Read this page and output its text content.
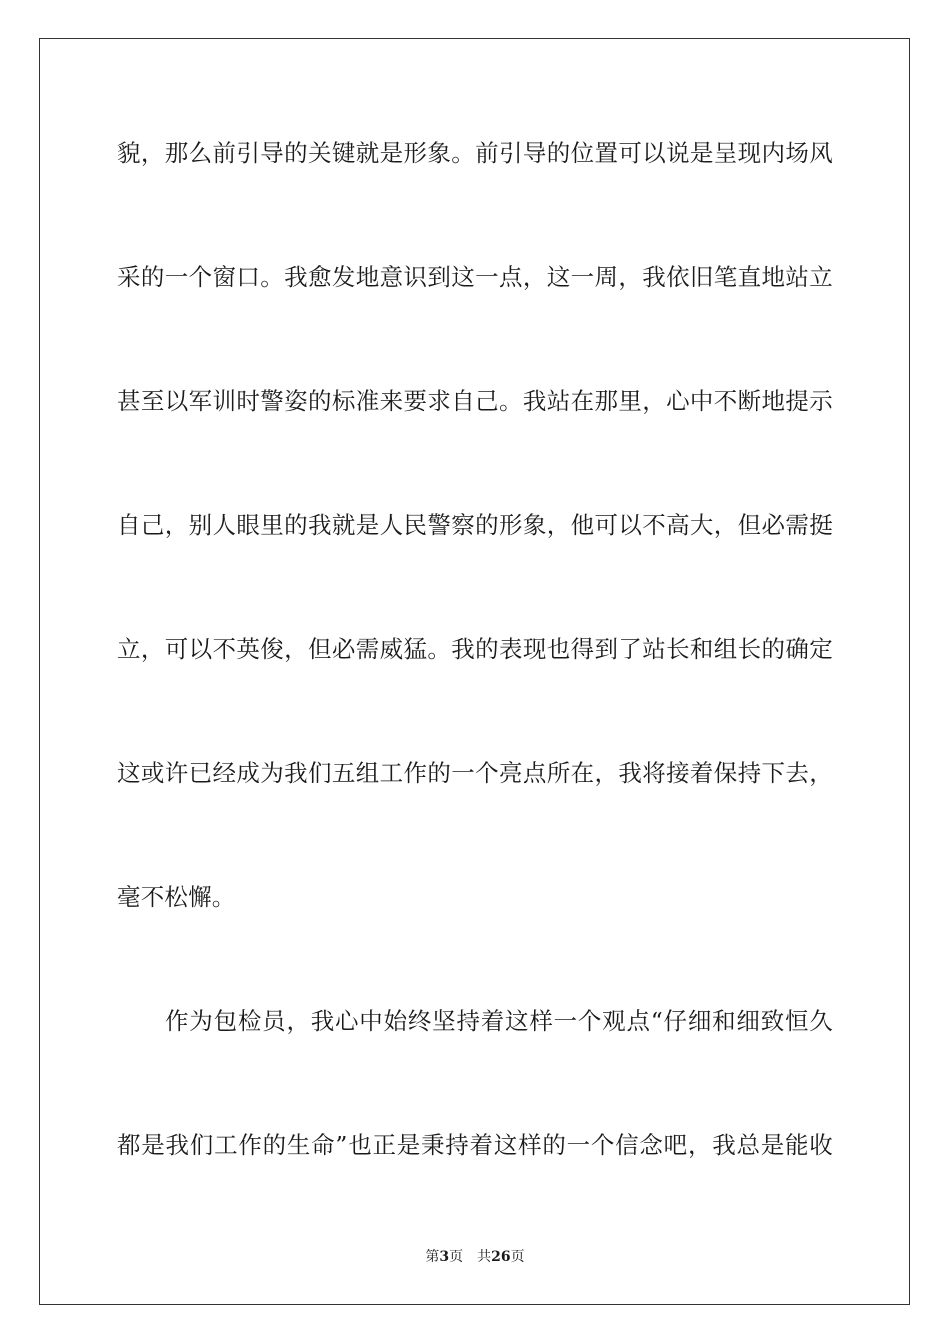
貌，那么前引导的关键就是形象。前引导的位置可以说是呈现内场风
采的一个窗口。我愈发地意识到这一点，这一周，我依旧笔直地站立
甚至以军训时警姿的标准来要求自己。我站在那里，心中不断地提示
自己，别人眼里的我就是人民警察的形象，他可以不高大，但必需挺
立，可以不英俊，但必需威猛。我的表现也得到了站长和组长的确定
这或许已经成为我们五组工作的一个亮点所在，我将接着保持下去，
毫不松懈。
作为包检员，我心中始终坚持着这样一个观点“仔细和细致恒久
都是我们工作的生命”也正是秉持着这样的一个信念吧，我总是能收
第3页 共26页
